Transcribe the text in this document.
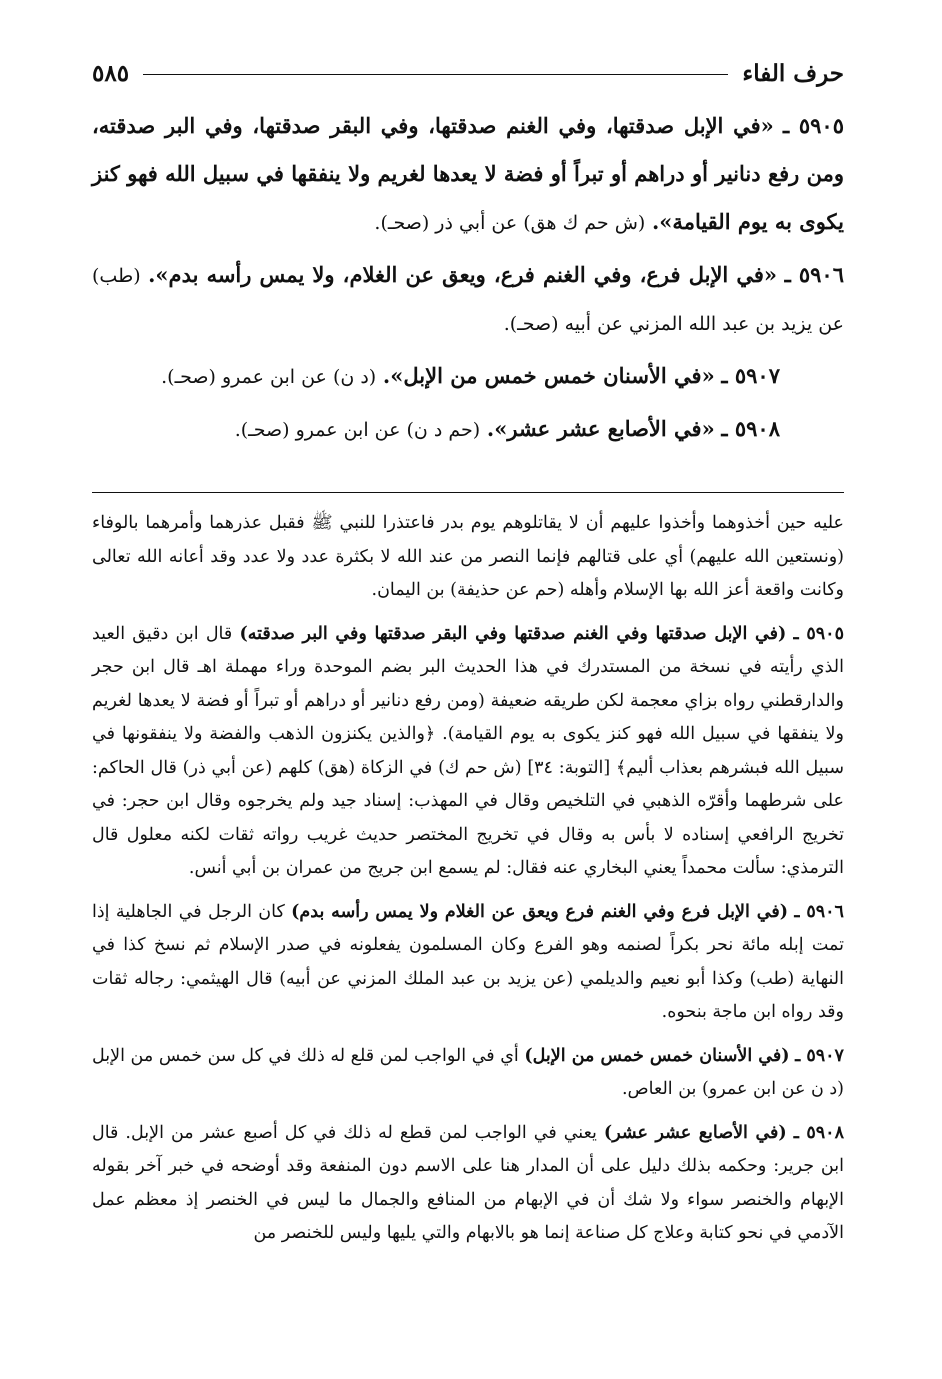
حرف الفاء
٥٨٥

٥٩٠٥ ـ «في الإبل صدقتها، وفي الغنم صدقتها، وفي البقر صدقتها، وفي البر صدقته، ومن رفع دنانير أو دراهم أو تبراً أو فضة لا يعدها لغريم ولا ينفقها في سبيل الله فهو كنز يكوى به يوم القيامة». (ش حم ك هق) عن أبي ذر (صحـ).

٥٩٠٦ ـ «في الإبل فرع، وفي الغنم فرع، ويعق عن الغلام، ولا يمس رأسه بدم». (طب) عن يزيد بن عبد الله المزني عن أبيه (صحـ).

٥٩٠٧ ـ «في الأسنان خمس خمس من الإبل». (د ن) عن ابن عمرو (صحـ).

٥٩٠٨ ـ «في الأصابع عشر عشر». (حم د ن) عن ابن عمرو (صحـ).

عليه حين أخذوهما وأخذوا عليهم أن لا يقاتلوهم يوم بدر فاعتذرا للنبي ﷺ فقبل عذرهما وأمرهما بالوفاء (ونستعين الله عليهم) أي على قتالهم فإنما النصر من عند الله لا بكثرة عدد ولا عدد وقد أعانه الله تعالى وكانت واقعة أعز الله بها الإسلام وأهله (حم عن حذيفة) بن اليمان.

٥٩٠٥ ـ (في الإبل صدقتها وفي الغنم صدقتها وفي البقر صدقتها وفي البر صدقته) قال ابن دقيق العيد الذي رأيته في نسخة من المستدرك في هذا الحديث البر بضم الموحدة وراء مهملة اهـ قال ابن حجر والدارقطني رواه بزاي معجمة لكن طريقه ضعيفة (ومن رفع دنانير أو دراهم أو تبراً أو فضة لا يعدها لغريم ولا ينفقها في سبيل الله فهو كنز يكوى به يوم القيامة). ﴿والذين يكنزون الذهب والفضة ولا ينفقونها في سبيل الله فبشرهم بعذاب أليم﴾ [التوبة: ٣٤] (ش حم ك) في الزكاة (هق) كلهم (عن أبي ذر) قال الحاكم: على شرطهما وأقرّه الذهبي في التلخيص وقال في المهذب: إسناد جيد ولم يخرجوه وقال ابن حجر: في تخريج الرافعي إسناده لا بأس به وقال في تخريج المختصر حديث غريب رواته ثقات لكنه معلول قال الترمذي: سألت محمداً يعني البخاري عنه فقال: لم يسمع ابن جريج من عمران بن أبي أنس.

٥٩٠٦ ـ (في الإبل فرع وفي الغنم فرع ويعق عن الغلام ولا يمس رأسه بدم) كان الرجل في الجاهلية إذا تمت إبله مائة نحر بكراً لصنمه وهو الفرع وكان المسلمون يفعلونه في صدر الإسلام ثم نسخ كذا في النهاية (طب) وكذا أبو نعيم والديلمي (عن يزيد بن عبد الملك المزني عن أبيه) قال الهيثمي: رجاله ثقات وقد رواه ابن ماجة بنحوه.

٥٩٠٧ ـ (في الأسنان خمس خمس من الإبل) أي في الواجب لمن قلع له ذلك في كل سن خمس من الإبل (د ن عن ابن عمرو) بن العاص.

٥٩٠٨ ـ (في الأصابع عشر عشر) يعني في الواجب لمن قطع له ذلك في كل أصبع عشر من الإبل. قال ابن جرير: وحكمه بذلك دليل على أن المدار هنا على الاسم دون المنفعة وقد أوضحه في خبر آخر بقوله الإبهام والخنصر سواء ولا شك أن في الإبهام من المنافع والجمال ما ليس في الخنصر إذ معظم عمل الآدمي في نحو كتابة وعلاج كل صناعة إنما هو بالابهام والتي يليها وليس للخنصر من
